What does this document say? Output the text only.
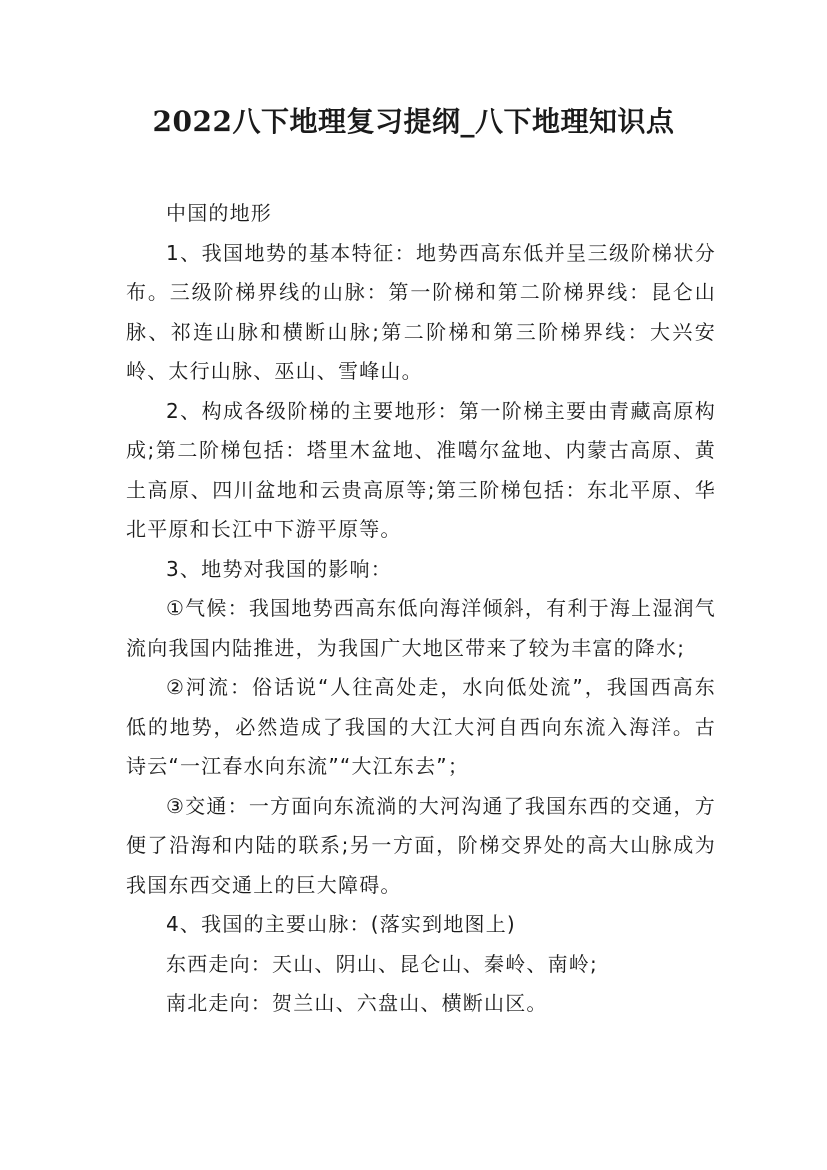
2022八下地理复习提纲_八下地理知识点

中国的地形

1、我国地势的基本特征：地势西高东低并呈三级阶梯状分布。三级阶梯界线的山脉：第一阶梯和第二阶梯界线：昆仑山脉、祁连山脉和横断山脉;第二阶梯和第三阶梯界线：大兴安岭、太行山脉、巫山、雪峰山。

2、构成各级阶梯的主要地形：第一阶梯主要由青藏高原构成;第二阶梯包括：塔里木盆地、准噶尔盆地、内蒙古高原、黄土高原、四川盆地和云贵高原等;第三阶梯包括：东北平原、华北平原和长江中下游平原等。

3、地势对我国的影响：

①气候：我国地势西高东低向海洋倾斜，有利于海上湿润气流向我国内陆推进，为我国广大地区带来了较为丰富的降水;

②河流：俗话说“人往高处走，水向低处流”，我国西高东低的地势，必然造成了我国的大江大河自西向东流入海洋。古诗云“一江春水向东流”“大江东去”；

③交通：一方面向东流淌的大河沟通了我国东西的交通，方便了沿海和内陆的联系;另一方面，阶梯交界处的高大山脉成为我国东西交通上的巨大障碍。

4、我国的主要山脉：(落实到地图上)

东西走向：天山、阴山、昆仑山、秦岭、南岭;

南北走向：贺兰山、六盘山、横断山区。
